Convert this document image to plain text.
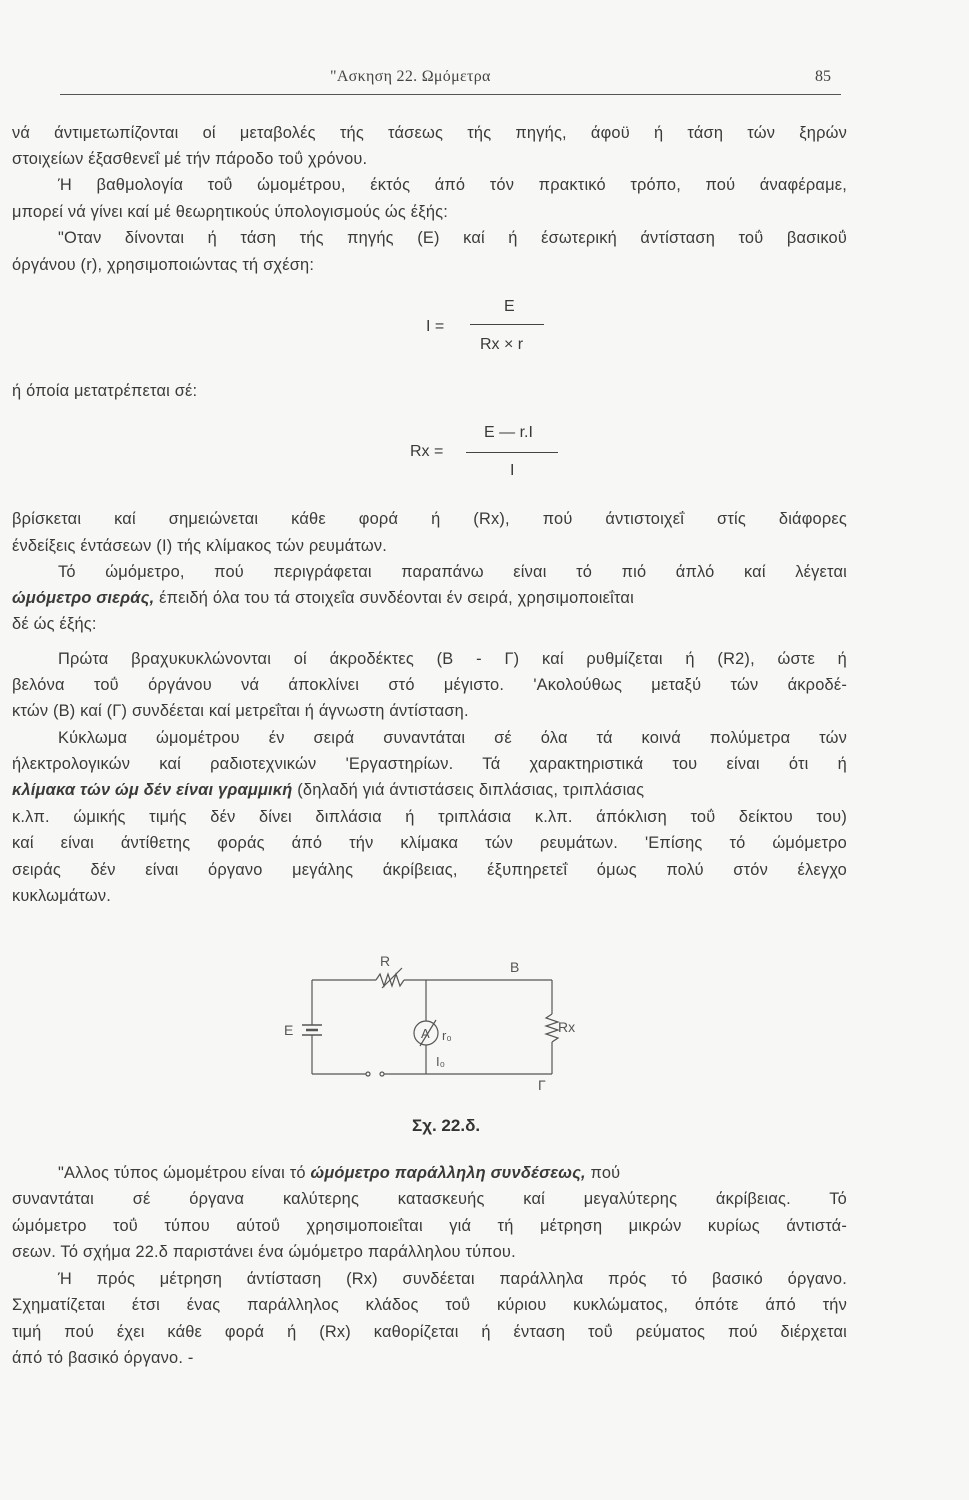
"Ασκηση 22. Ωμόμετρα	85
νά άντιμετωπίζονται οί μεταβολές τής τάσεως τής πηγής, άφοϋ ή τάση τών ξηρών
στοιχείων έξασθενεΐ μέ τήν πάροδο τοΰ χρόνου.
Ή βαθμολογία τοΰ ώμομέτρου, έκτός άπό τόν πρακτικό τρόπο, πού άναφέραμε,
μπορεί νά γίνει καί μέ θεωρητικούς ύπολογισμούς ώς έξής:
"Οταν δίνονται ή τάση τής πηγής (Ε) καί ή έσωτερική άντίσταση τοΰ βασικοΰ
όργάνου (r), χρησιμοποιώντας τή σχέση:
I =
E
Rx × r
ή όποία μετατρέπεται σέ:
Rx =
E — r.I
I
βρίσκεται καί σημειώνεται κάθε φορά ή (Rx), πού άντιστοιχεΐ στίς διάφορες
ένδείξεις έντάσεων (Ι) τής κλίμακος τών ρευμάτων.
Τό ώμόμετρο, πού περιγράφεται παραπάνω είναι τό πιό άπλό καί λέγεται
ώμόμετρο σιεράς, έπειδή όλα του τά στοιχεΐα συνδέονται έν σειρά, χρησιμοποιεΐται
δέ ώς έξής:
Πρώτα βραχυκυκλώνονται οί άκροδέκτες (Β - Γ) καί ρυθμίζεται ή (R2), ώστε ή
βελόνα τοΰ όργάνου νά άποκλίνει στό μέγιστο. 'Ακολούθως μεταξύ τών άκροδέ-
κτών (Β) καί (Γ) συνδέεται καί μετρεΐται ή άγνωστη άντίσταση.
Κύκλωμα ώμομέτρου έν σειρά συναντάται σέ όλα τά κοινά πολύμετρα τών
ήλεκτρολογικών καί ραδιοτεχνικών 'Εργαστηρίων. Τά χαρακτηριστικά του είναι ότι ή
κλίμακα τών ώμ δέν είναι γραμμική (δηλαδή γιά άντιστάσεις διπλάσιας, τριπλάσιας
κ.λπ. ώμικής τιμής δέν δίνει διπλάσια ή τριπλάσια κ.λπ. άπόκλιση τοΰ δείκτου του)
καί είναι άντίθετης φοράς άπό τήν κλίμακα τών ρευμάτων. 'Επίσης τό ώμόμετρο
σειράς δέν είναι όργανο μεγάλης άκρίβειας, έξυπηρετεΐ όμως πολύ στόν έλεγχο
κυκλωμάτων.
R	B
E	A r₀
Rx
I₀
Γ
Σχ. 22.δ.
"Αλλος τύπος ώμομέτρου είναι τό ώμόμετρο παράλληλη συνδέσεως, πού
συναντάται σέ όργανα καλύτερης κατασκευής καί μεγαλύτερης άκρίβειας. Τό
ώμόμετρο τοΰ τύπου αύτοΰ χρησιμοποιεΐται γιά τή μέτρηση μικρών κυρίως άντιστά-
σεων. Τό σχήμα 22.δ παριστάνει ένα ώμόμετρο παράλληλου τύπου.
Ή πρός μέτρηση άντίσταση (Rx) συνδέεται παράλληλα πρός τό βασικό όργανο.
Σχηματίζεται έτσι ένας παράλληλος κλάδος τοΰ κύριου κυκλώματος, όπότε άπό τήν
τιμή πού έχει κάθε φορά ή (Rx) καθορίζεται ή ένταση τοΰ ρεύματος πού διέρχεται
άπό τό βασικό όργανο. -
